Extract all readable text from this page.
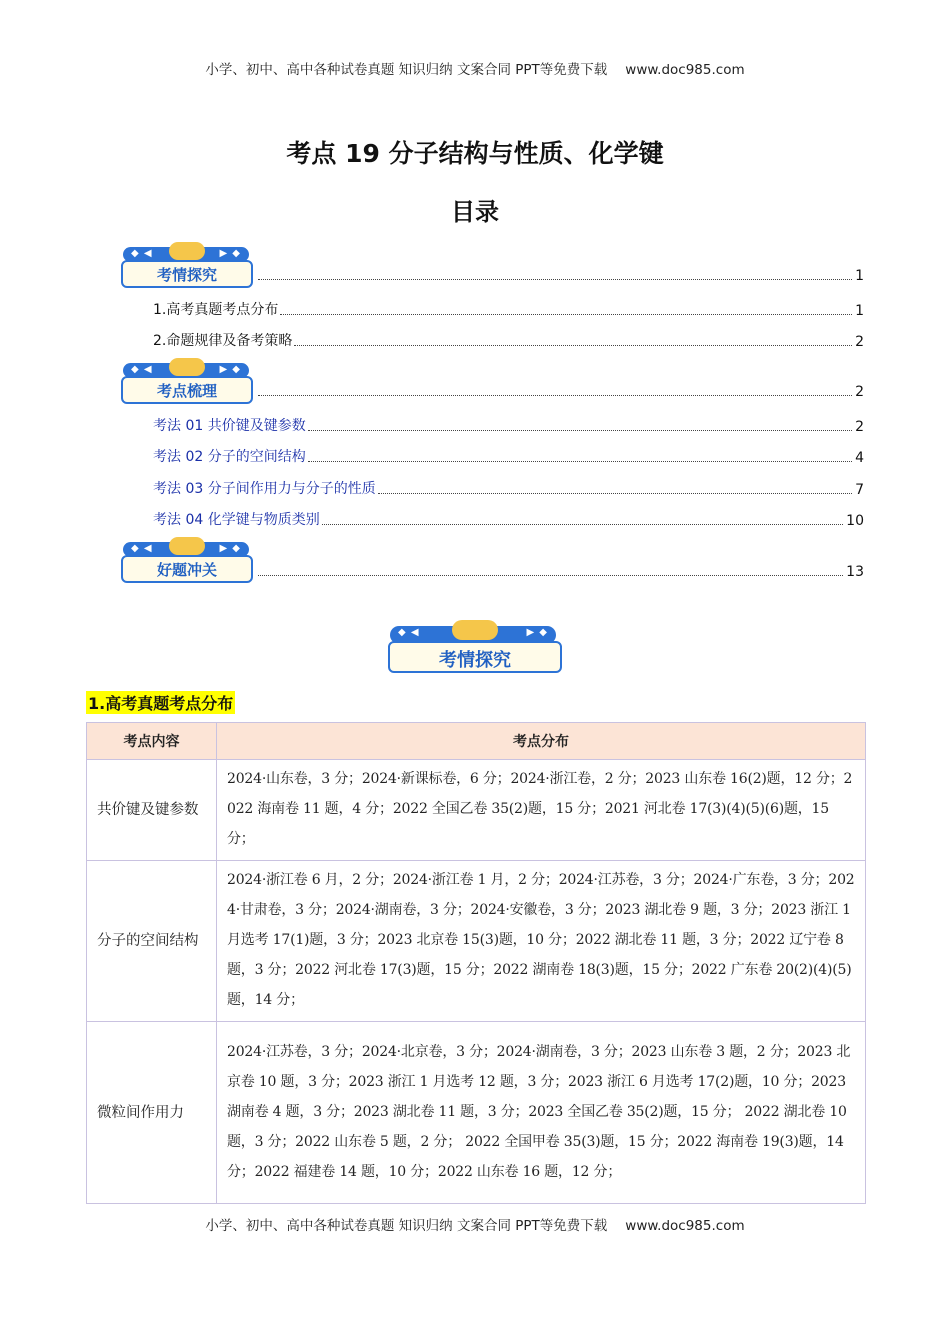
小学、初中、高中各种试卷真题 知识归纳 文案合同 PPT等免费下载 www.doc985.com
考点 19 分子结构与性质、化学键
目录
◆ ◀	▶ ◆
考情探究	1
1.高考真题考点分布	1
2.命题规律及备考策略	2
◆ ◀	▶ ◆
考点梳理	2
考法 01 共价键及键参数	2
考法 02 分子的空间结构	4
考法 03 分子间作用力与分子的性质	7
考法 04 化学键与物质类别	10
◆ ◀	▶ ◆
好题冲关	13
◆ ◀	▶ ◆
考情探究
1.高考真题考点分布
考点内容	考点分布
共价键及键参数	2024·山东卷，3 分；2024·新课标卷，6 分；2024·浙江卷，2 分；2023 山东卷 16(2)题，12 分；2022 海南卷 11 题，4 分；2022 全国乙卷 35(2)题，15 分；2021 河北卷 17(3)(4)(5)(6)题，15 分；
分子的空间结构	2024·浙江卷 6 月，2 分；2024·浙江卷 1 月，2 分；2024·江苏卷，3 分；2024·广东卷，3 分；2024·甘肃卷，3 分；2024·湖南卷，3 分；2024·安徽卷，3 分；2023 湖北卷 9 题，3 分；2023 浙江 1 月选考 17(1)题，3 分；2023 北京卷 15(3)题，10 分；2022 湖北卷 11 题，3 分；2022 辽宁卷 8 题，3 分；2022 河北卷 17(3)题，15 分；2022 湖南卷 18(3)题，15 分；2022 广东卷 20(2)(4)(5)题，14 分；
微粒间作用力	2024·江苏卷，3 分；2024·北京卷，3 分；2024·湖南卷，3 分；2023 山东卷 3 题，2 分；2023 北京卷 10 题，3 分；2023 浙江 1 月选考 12 题，3 分；2023 浙江 6 月选考 17(2)题，10 分；2023 湖南卷 4 题，3 分；2023 湖北卷 11 题，3 分；2023 全国乙卷 35(2)题，15 分； 2022 湖北卷 10 题，3 分；2022 山东卷 5 题，2 分； 2022 全国甲卷 35(3)题，15 分；2022 海南卷 19(3)题，14 分；2022 福建卷 14 题，10 分；2022 山东卷 16 题，12 分；
小学、初中、高中各种试卷真题 知识归纳 文案合同 PPT等免费下载 www.doc985.com
